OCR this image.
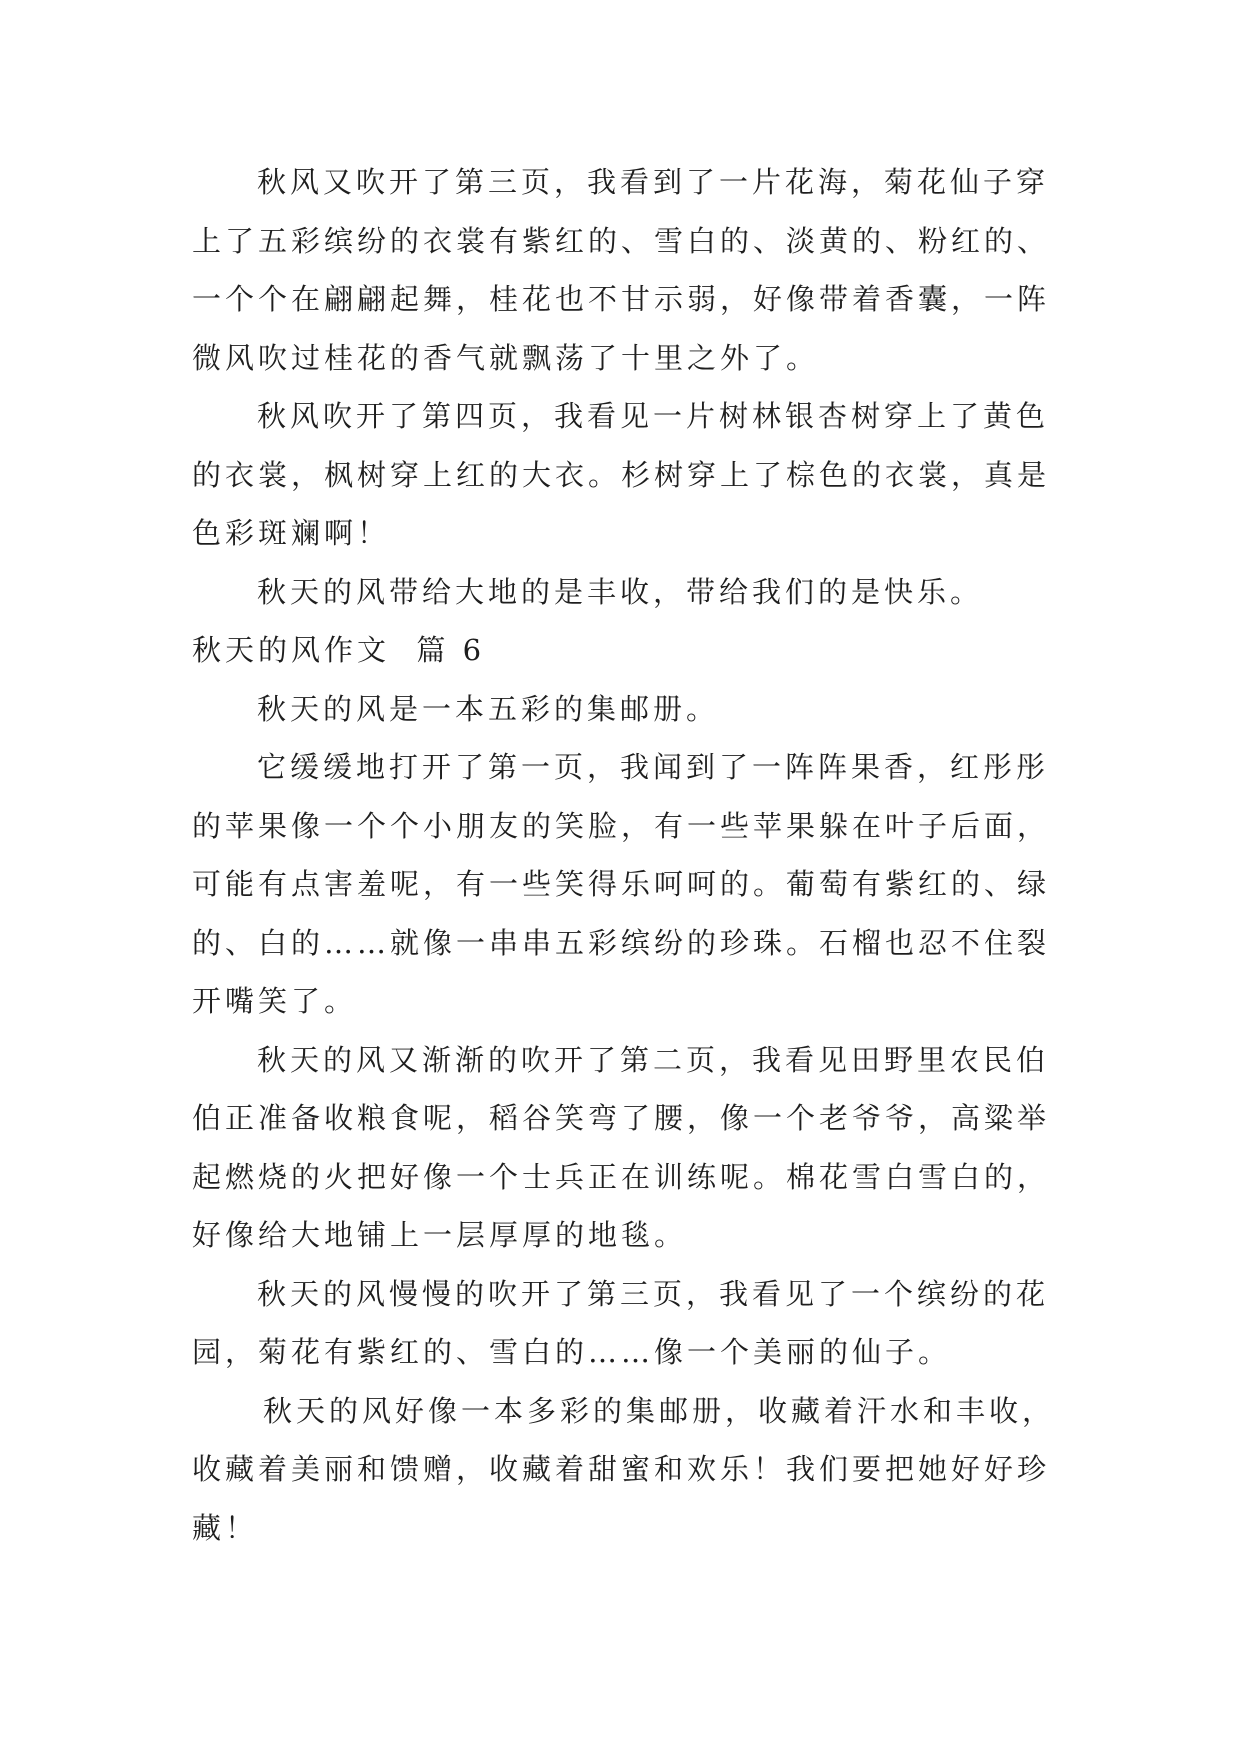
秋风又吹开了第三页，我看到了一片花海，菊花仙子穿
上了五彩缤纷的衣裳有紫红的、雪白的、淡黄的、粉红的、
一个个在翩翩起舞，桂花也不甘示弱，好像带着香囊，一阵
微风吹过桂花的香气就飘荡了十里之外了。
秋风吹开了第四页，我看见一片树林银杏树穿上了黄色
的衣裳，枫树穿上红的大衣。杉树穿上了棕色的衣裳，真是
色彩斑斓啊！
秋天的风带给大地的是丰收，带给我们的是快乐。
秋天的风作文  篇 6
秋天的风是一本五彩的集邮册。
它缓缓地打开了第一页，我闻到了一阵阵果香，红彤彤
的苹果像一个个小朋友的笑脸，有一些苹果躲在叶子后面，
可能有点害羞呢，有一些笑得乐呵呵的。葡萄有紫红的、绿
的、白的……就像一串串五彩缤纷的珍珠。石榴也忍不住裂
开嘴笑了。
秋天的风又渐渐的吹开了第二页，我看见田野里农民伯
伯正准备收粮食呢，稻谷笑弯了腰，像一个老爷爷，高粱举
起燃烧的火把好像一个士兵正在训练呢。棉花雪白雪白的，
好像给大地铺上一层厚厚的地毯。
秋天的风慢慢的吹开了第三页，我看见了一个缤纷的花
园，菊花有紫红的、雪白的……像一个美丽的仙子。
秋天的风好像一本多彩的集邮册，收藏着汗水和丰收，
收藏着美丽和馈赠，收藏着甜蜜和欢乐！我们要把她好好珍
藏！
